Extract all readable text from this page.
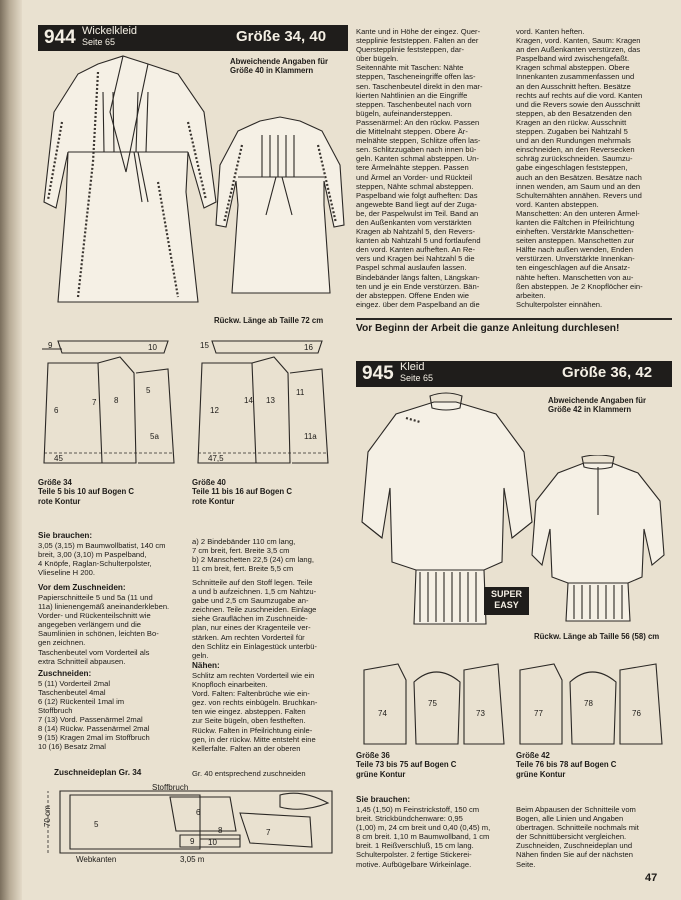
944 Wickelkleid
Seite 65	Größe 34, 40
Abweichende Angaben für
Größe 40 in Klammern
Rückw. Länge ab Taille 72 cm
6
8
7
5
9	10
5a
45
12
14 13
11
15	16
11a
47,5
Größe 34
Teile 5 bis 10 auf Bogen C
rote Kontur
Größe 40
Teile 11 bis 16 auf Bogen C
rote Kontur
Sie brauchen:
3,05 (3,15) m Baumwollbatist, 140 cm
breit, 3,00 (3,10) m Paspelband,
4 Knöpfe, Raglan-Schulterpolster,
Vlieseline H 200.
Vor dem Zuschneiden:
Papierschnitteile 5 und 5a (11 und
11a) linienengemäß aneinanderkleben.
Vorder- und Rückenteilschnitt wie
angegeben verlängern und die
Saumlinien in schönen, leichten Bo-
gen zeichnen.
Taschenbeutel vom Vorderteil als
extra Schnitteil abpausen.
Zuschneiden:
5 (11) Vorderteil 2mal
Taschenbeutel 4mal
6 (12) Rückenteil 1mal im
Stoffbruch
7 (13) Vord. Passenärmel 2mal
8 (14) Rückw. Passenärmel 2mal
9 (15) Kragen 2mal im Stoffbruch
10 (16) Besatz 2mal
a) 2 Bindebänder 110 cm lang,
7 cm breit, fert. Breite 3,5 cm
b) 2 Manschetten 22,5 (24) cm lang,
11 cm breit, fert. Breite 5,5 cm
Schnitteile auf den Stoff legen. Teile
a und b aufzeichnen. 1,5 cm Nahtzu-
gabe und 2,5 cm Saumzugabe an-
zeichnen. Teile zuschneiden. Einlage
siehe Grauflächen im Zuschneide-
plan, nur eines der Kragenteile ver-
stärken. Am rechten Vorderteil für
den Schlitz ein Einlagestück unterbü-
geln.
Nähen:
Schlitz am rechten Vorderteil wie ein
Knopfloch einarbeiten.
Vord. Falten: Faltenbrüche wie ein-
gez. von rechts einbügeln. Bruchkan-
ten wie eingez. absteppen. Falten
zur Seite bügeln, oben festheften.
Rückw. Falten in Pfeilrichtung einle-
gen, in der rückw. Mitte entsteht eine
Kellerfalte. Falten an der oberen
Zuschneideplan Gr. 34	Gr. 40 entsprechend zuschneiden
5
6
7
8
9 10
Stoffbruch
Webkanten	3,05 m
70 cm
Kante und in Höhe der eingez. Quer-
stepplinie feststeppen. Falten an der
Querstepplinie feststeppen, dar-
über bügeln.
Seitennähte mit Taschen: Nähte
steppen, Tascheneingriffe offen las-
sen. Taschenbeutel direkt in den mar-
kierten Nahtlinien an die Eingriffe
steppen. Taschenbeutel nach vorn
bügeln, aufeinandersteppen.
Passenärmel: An den rückw. Passen
die Mittelnaht steppen. Obere Är-
melnähte steppen, Schlitze offen las-
sen. Schlitzzugaben nach innen bü-
geln. Kanten schmal absteppen. Un-
tere Ärmelnähte steppen. Passen
und Ärmel an Vorder- und Rückteil
steppen, Nähte schmal absteppen.
Paspelband wie folgt aufheften: Das
angewebte Band liegt auf der Zuga-
be, der Paspelwulst im Teil. Band an
den Außenkanten vom verstärkten
Kragen ab Nahtzahl 5, den Revers-
kanten ab Nahtzahl 5 und fortlaufend
den vord. Kanten aufheften. An Re-
vers und Kragen bei Nahtzahl 5 die
Paspel schmal auslaufen lassen.
Bindebänder längs falten, Längskan-
ten und je ein Ende verstürzen. Bän-
der absteppen. Offene Enden wie
eingez. über dem Paspelband an die
vord. Kanten heften.
Kragen, vord. Kanten, Saum: Kragen
an den Außenkanten verstürzen, das
Paspelband wird zwischengefaßt.
Kragen schmal absteppen. Obere
Innenkanten zusammenfassen und
an den Ausschnitt heften. Besätze
rechts auf rechts auf die vord. Kanten
und die Revers sowie den Ausschnitt
steppen, ab den Besatzenden den
Kragen an den rückw. Ausschnitt
steppen. Zugaben bei Nahtzahl 5
und an den Rundungen mehrmals
einschneiden, an den Reversecken
schräg zurückschneiden. Saumzu-
gabe eingeschlagen feststeppen,
auch an den Besätzen. Besätze nach
innen wenden, am Saum und an den
Schulternähten annähen. Revers und
vord. Kanten absteppen.
Manschetten: An den unteren Ärmel-
kanten die Fältchen in Pfeilrichtung
einheften. Verstärkte Manschetten-
seiten ansteppen. Manschetten zur
Hälfte nach außen wenden, Enden
verstürzen. Unverstärkte Innenkan-
ten eingeschlagen auf die Ansatz-
nähte heften. Manschetten von au-
ßen absteppen. Je 2 Knopflöcher ein-
arbeiten.
Schulterpolster einnähen.
Vor Beginn der Arbeit die ganze Anleitung durchlesen!
945 Kleid
Seite 65	Größe 36, 42
Abweichende Angaben für
Größe 42 in Klammern
SUPER
EASY
Rückw. Länge ab Taille 56 (58) cm
74
75
73	77
78
76
Größe 36
Teile 73 bis 75 auf Bogen C
grüne Kontur
Größe 42
Teile 76 bis 78 auf Bogen C
grüne Kontur
Sie brauchen:
1,45 (1,50) m Feinstrickstoff, 150 cm
breit. Strickbündchenware: 0,95
(1,00) m, 24 cm breit und 0,40 (0,45) m,
8 cm breit. 1,10 m Baumwollband, 1 cm
breit. 1 Reißverschluß, 15 cm lang.
Schulterpolster. 2 fertige Stickerei-
motive. Aufbügelbare Wirkeinlage.
Beim Abpausen der Schnitteile vom
Bogen, alle Linien und Angaben
übertragen. Schnitteile nochmals mit
der Schnittübersicht vergleichen.
Zuschneiden, Zuschneideplan und
Nähen finden Sie auf der nächsten
Seite.
47
